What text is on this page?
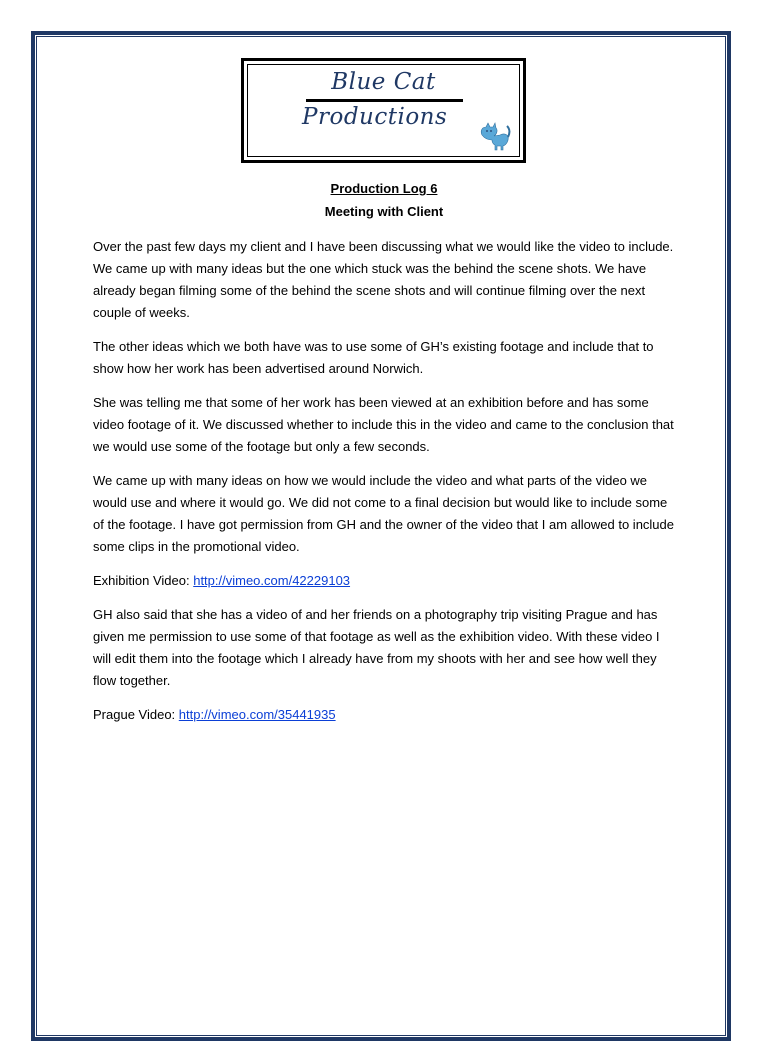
Blue Cat
Productions
Production Log 6
Meeting with Client

Over the past few days my client and I have been discussing what we would like the video to include. We came up with many ideas but the one which stuck was the behind the scene shots. We have already began filming some of the behind the scene shots and will continue filming over the next couple of weeks.

The other ideas which we both have was to use some of GH’s existing footage and include that to show how her work has been advertised around Norwich.

She was telling me that some of her work has been viewed at an exhibition before and has some video footage of it. We discussed whether to include this in the video and came to the conclusion that we would use some of the footage but only a few seconds.

We came up with many ideas on how we would include the video and what parts of the video we would use and where it would go. We did not come to a final decision but would like to include some of the footage. I have got permission from GH and the owner of the video that I am allowed to include some clips in the promotional video.

Exhibition Video: http://vimeo.com/42229103

GH also said that she has a video of and her friends on a photography trip visiting Prague and has given me permission to use some of that footage as well as the exhibition video. With these video I will edit them into the footage which I already have from my shoots with her and see how well they flow together.

Prague Video: http://vimeo.com/35441935
